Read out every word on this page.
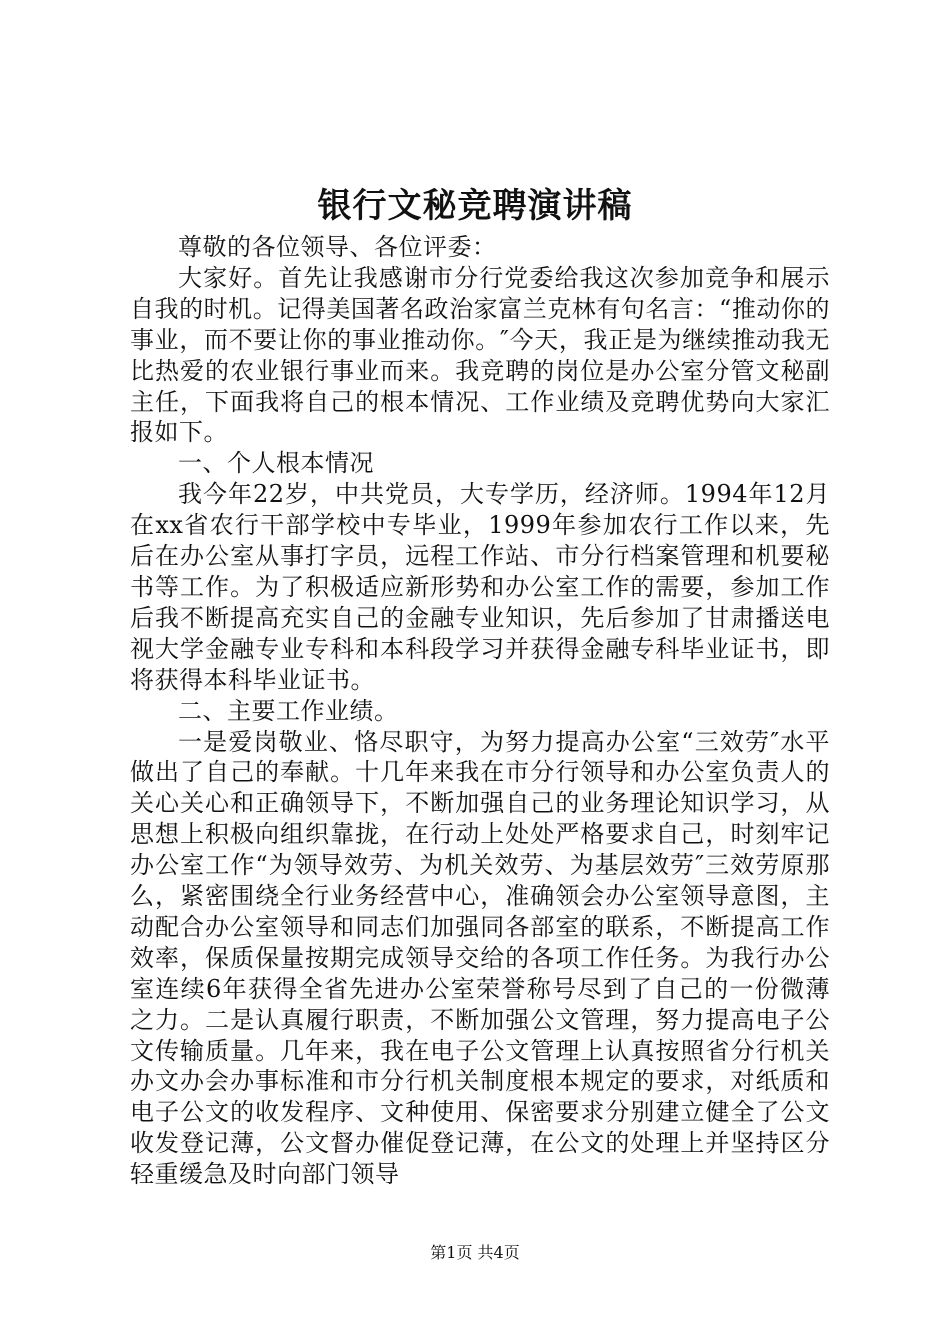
银行文秘竞聘演讲稿

尊敬的各位领导、各位评委：

大家好。首先让我感谢市分行党委给我这次参加竞争和展示自我的时机。记得美国著名政治家富兰克林有句名言：“推动你的事业，而不要让你的事业推动你。″今天，我正是为继续推动我无比热爱的农业银行事业而来。我竞聘的岗位是办公室分管文秘副主任，下面我将自己的根本情况、工作业绩及竞聘优势向大家汇报如下。

一、个人根本情况

我今年22岁，中共党员，大专学历，经济师。1994年12月在xx省农行干部学校中专毕业，1999年参加农行工作以来，先后在办公室从事打字员，远程工作站、市分行档案管理和机要秘书等工作。为了积极适应新形势和办公室工作的需要，参加工作后我不断提高充实自己的金融专业知识，先后参加了甘肃播送电视大学金融专业专科和本科段学习并获得金融专科毕业证书，即将获得本科毕业证书。

二、主要工作业绩。

一是爱岗敬业、恪尽职守，为努力提高办公室“三效劳″水平做出了自己的奉献。十几年来我在市分行领导和办公室负责人的关心关心和正确领导下，不断加强自己的业务理论知识学习，从思想上积极向组织靠拢，在行动上处处严格要求自己，时刻牢记办公室工作“为领导效劳、为机关效劳、为基层效劳″三效劳原那么，紧密围绕全行业务经营中心，准确领会办公室领导意图，主动配合办公室领导和同志们加强同各部室的联系，不断提高工作效率，保质保量按期完成领导交给的各项工作任务。为我行办公室连续6年获得全省先进办公室荣誉称号尽到了自己的一份微薄之力。二是认真履行职责，不断加强公文管理，努力提高电子公文传输质量。几年来，我在电子公文管理上认真按照省分行机关办文办会办事标准和市分行机关制度根本规定的要求，对纸质和电子公文的收发程序、文种使用、保密要求分别建立健全了公文收发登记薄，公文督办催促登记薄，在公文的处理上并坚持区分轻重缓急及时向部门领导

第1页 共4页
